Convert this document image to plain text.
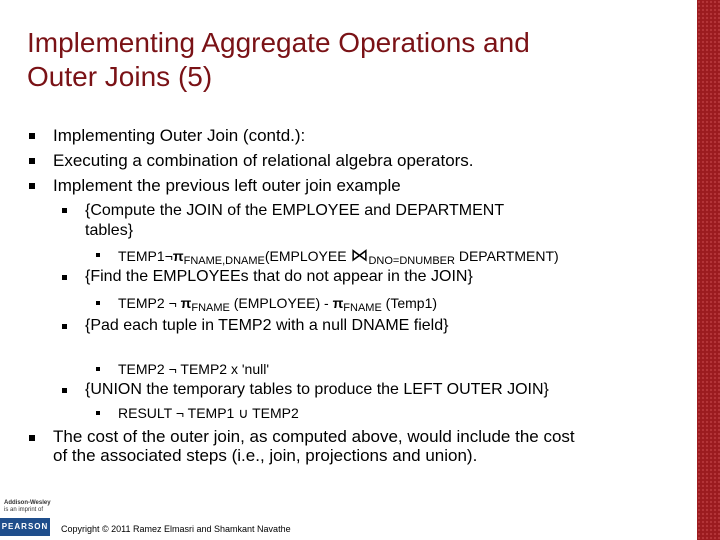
Implementing Aggregate Operations and
Outer Joins (5)
Implementing Outer Join (contd.):
Executing a combination of relational algebra operators.
Implement the previous left outer join example
{Compute the JOIN of the EMPLOYEE and DEPARTMENT
tables}
$TEMP1\neg\pi_{FNAME,DNAME}(EMPLOYEE$ $⋈_{DNO=DNUMBER}$ DEPARTMENT)
{Find the EMPLOYEEs that do not appear in the JOIN}
TEMP2 ¬ $\pi_{FNAME}$ (EMPLOYEE) - $\pi_{FNAME}$ (Temp1)
{Pad each tuple in TEMP2 with a null DNAME field}
TEMP2 ¬ TEMP2 x 'null'
{UNION the temporary tables to produce the LEFT OUTER JOIN}
RESULT ¬ TEMP1 ∪ TEMP2
The cost of the outer join, as computed above, would include the cost
of the associated steps (i.e., join, projections and union).
Addison-Wesley
is an imprint of
PEARSON Copyright © 2011 Ramez Elmasri and Shamkant Navathe
